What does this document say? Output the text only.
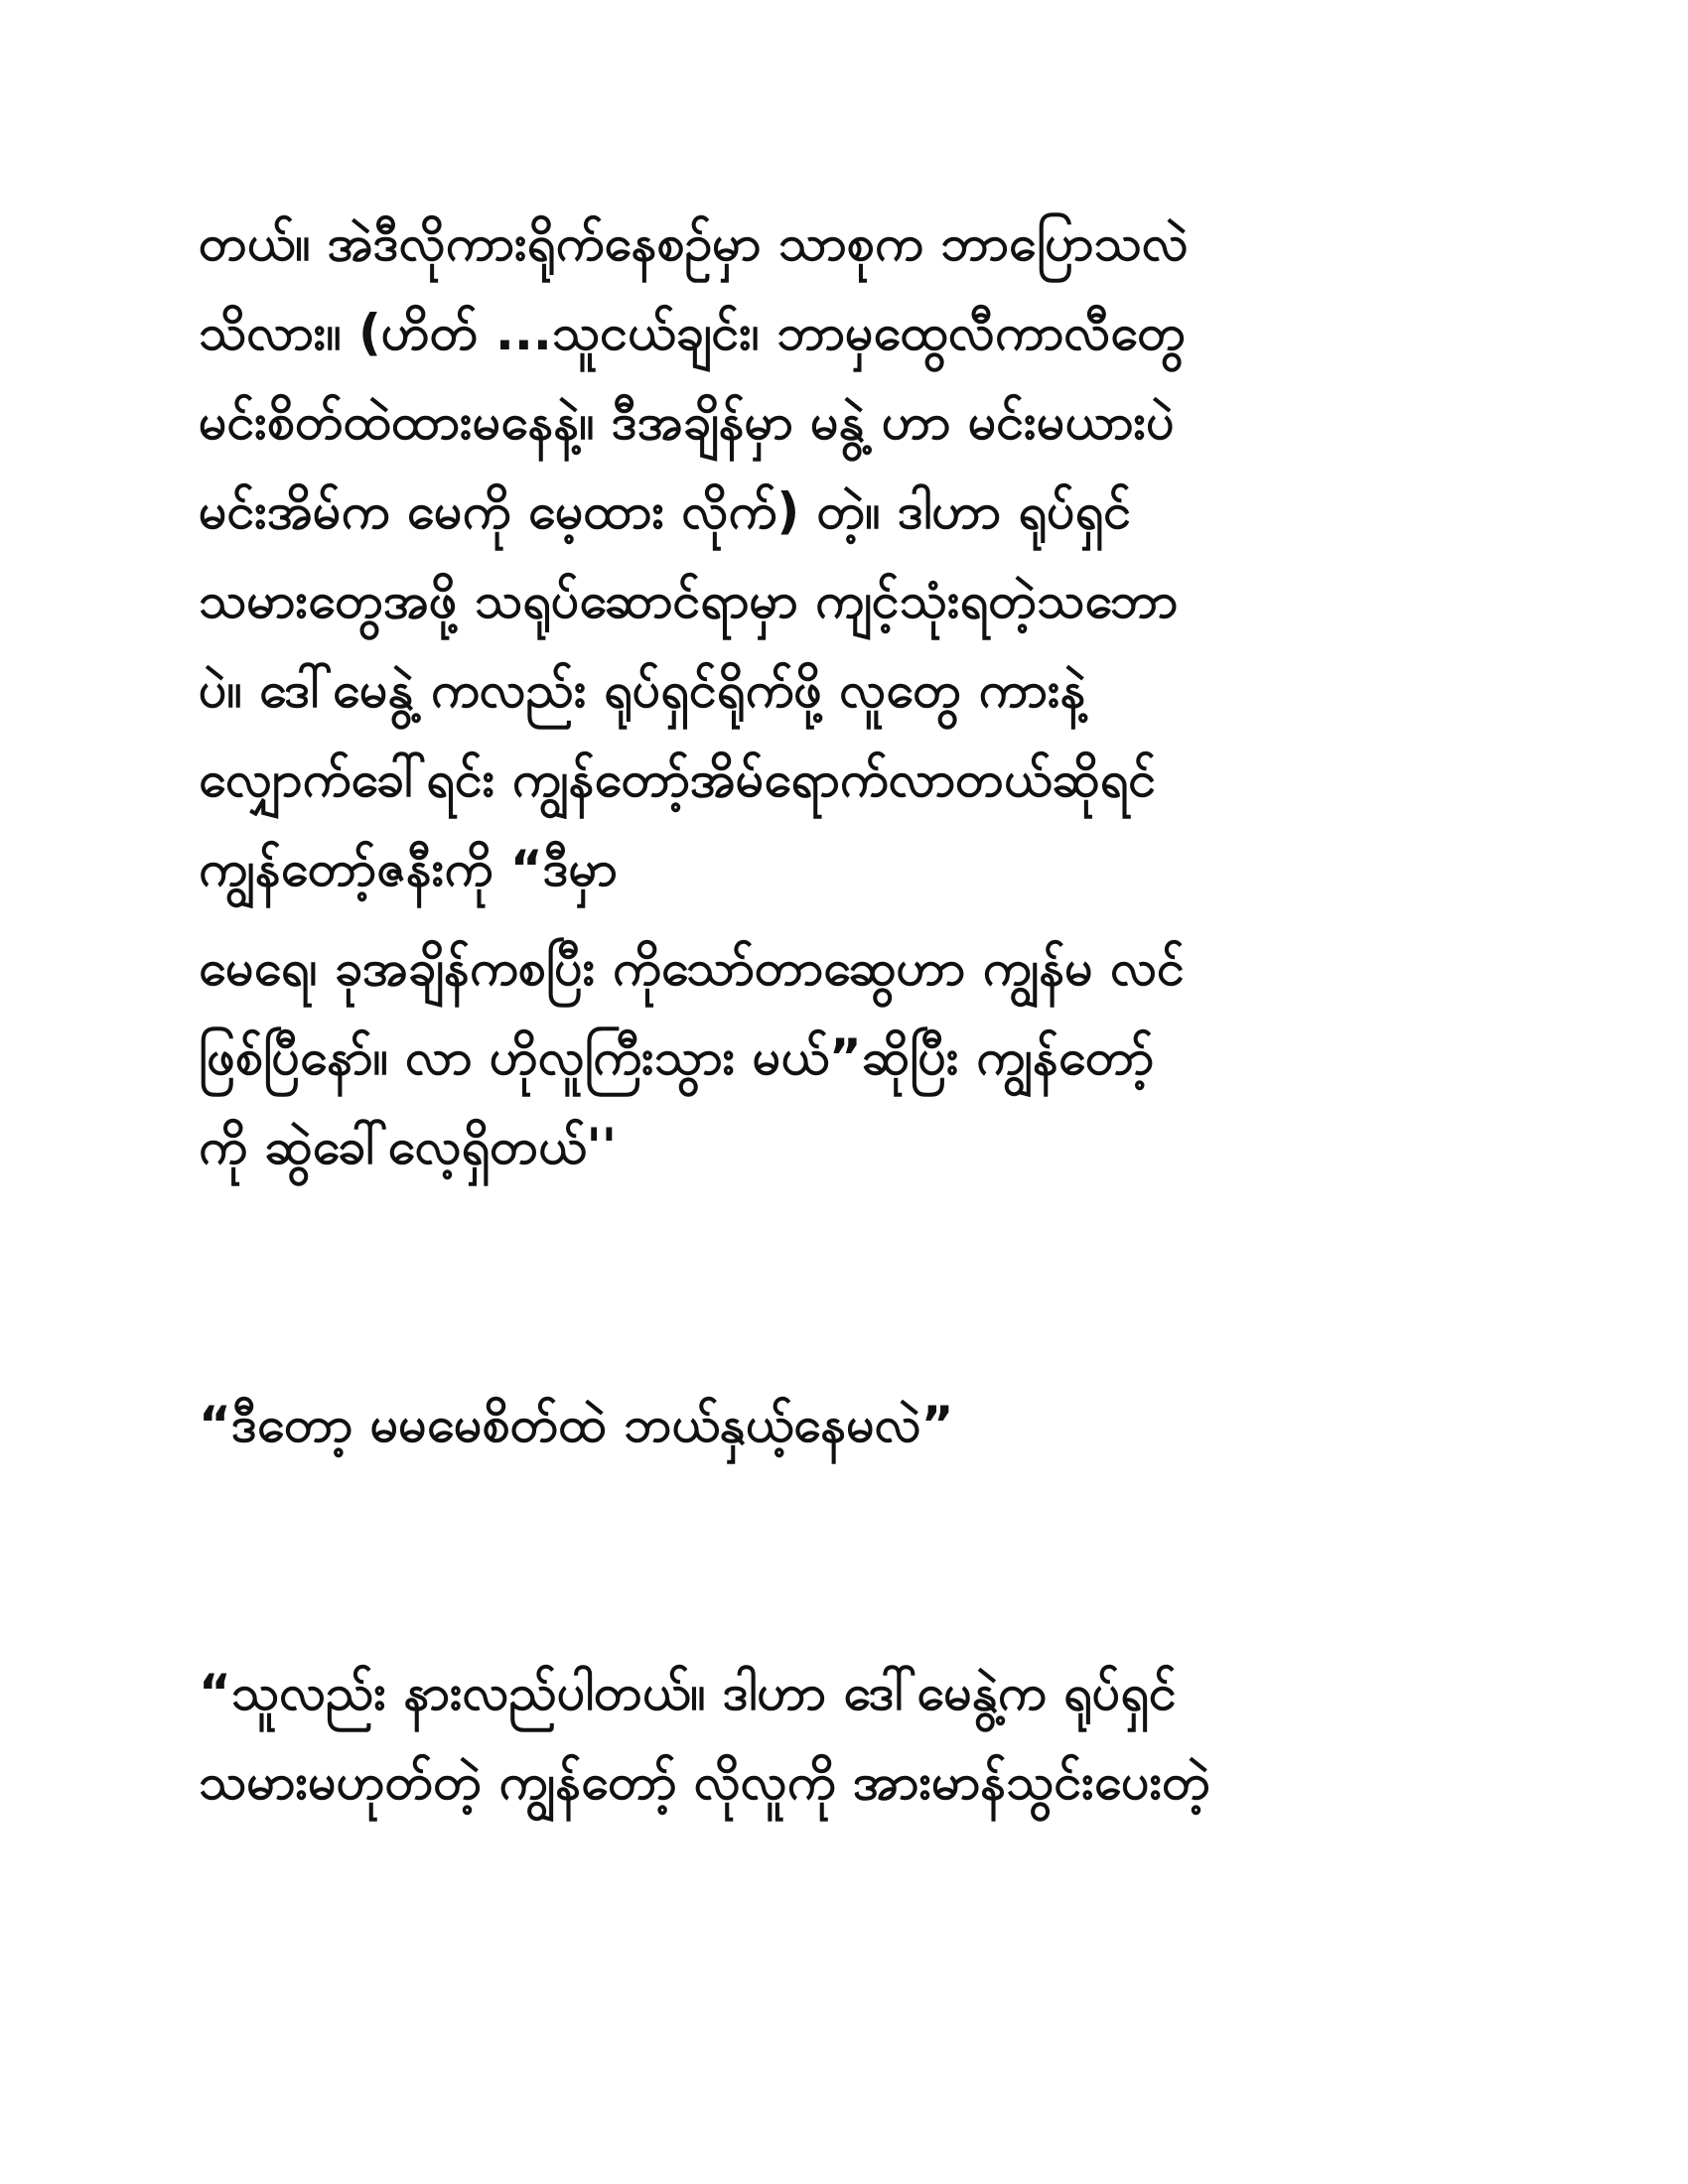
တယ်။ အဲဒီလိုကားရိုက်နေစဉ်မှာ သာစုက ဘာပြောသလဲ

သိလား။ (ဟိတ် ...သူငယ်ချင်း၊ ဘာမှထွေလီကာလီတွေ

မင်းစိတ်ထဲထားမနေနဲ့။ ဒီအချိန်မှာ မနွဲ့ ဟာ မင်းမယားပဲ

မင်းအိမ်က မေကို မေ့ထား လိုက်) တဲ့။ ဒါဟာ ရုပ်ရှင်

သမားတွေအဖို့ သရုပ်ဆောင်ရာမှာ ကျင့်သုံးရတဲ့သဘော

ပဲ။ ဒေါ်မေနွဲ့ ကလည်း ရုပ်ရှင်ရိုက်ဖို့ လူတွေ ကားနဲ့

လျှောက်ခေါ်ရင်း ကျွန်တော့်အိမ်ရောက်လာတယ်ဆိုရင်

ကျွန်တော့်ဇနီးကို “ဒီမှာ

မေရေ၊ ခုအချိန်ကစပြီး ကိုသော်တာဆွေဟာ ကျွန်မ လင်

ဖြစ်ပြီနော်။ လာ ဟိုလူကြီးသွား မယ်”ဆိုပြီး ကျွန်တော့်

ကို ဆွဲခေါ်လေ့ရှိတယ်''

“ဒီတော့ မမမေစိတ်ထဲ ဘယ်နှယ့်နေမလဲ”

“သူလည်း နားလည်ပါတယ်။ ဒါဟာ ဒေါ်မေနွဲ့က ရုပ်ရှင်

သမားမဟုတ်တဲ့ ကျွန်တော့် လိုလူကို အားမာန်သွင်းပေးတဲ့
